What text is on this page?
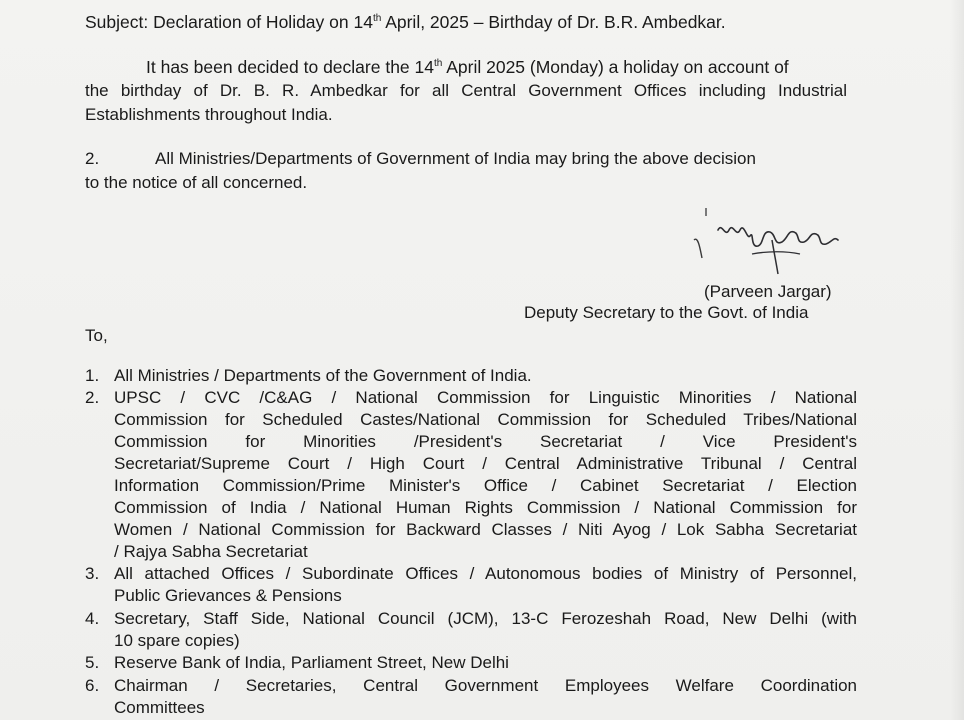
Subject: Declaration of Holiday on 14th April, 2025 – Birthday of Dr. B.R. Ambedkar.
It has been decided to declare the 14th April 2025 (Monday) a holiday on account of
the birthday of Dr. B. R. Ambedkar for all Central Government Offices including Industrial
Establishments throughout India.
2.	All Ministries/Departments of Government of India may bring the above decision
to the notice of all concerned.
(Parveen Jargar)
Deputy Secretary to the Govt. of India
To,
1. All Ministries / Departments of the Government of India.
2. UPSC / CVC /C&AG / National Commission for Linguistic Minorities / National
Commission for Scheduled Castes/National Commission for Scheduled Tribes/National
Commission for Minorities /President's Secretariat / Vice President's
Secretariat/Supreme Court / High Court / Central Administrative Tribunal / Central
Information Commission/Prime Minister's Office / Cabinet Secretariat / Election
Commission of India / National Human Rights Commission / National Commission for
Women / National Commission for Backward Classes / Niti Ayog / Lok Sabha Secretariat
/ Rajya Sabha Secretariat
3. All attached Offices / Subordinate Offices / Autonomous bodies of Ministry of Personnel,
Public Grievances & Pensions
4. Secretary, Staff Side, National Council (JCM), 13-C Ferozeshah Road, New Delhi (with
10 spare copies)
5. Reserve Bank of India, Parliament Street, New Delhi
6. Chairman / Secretaries, Central Government Employees Welfare Coordination
Committees
